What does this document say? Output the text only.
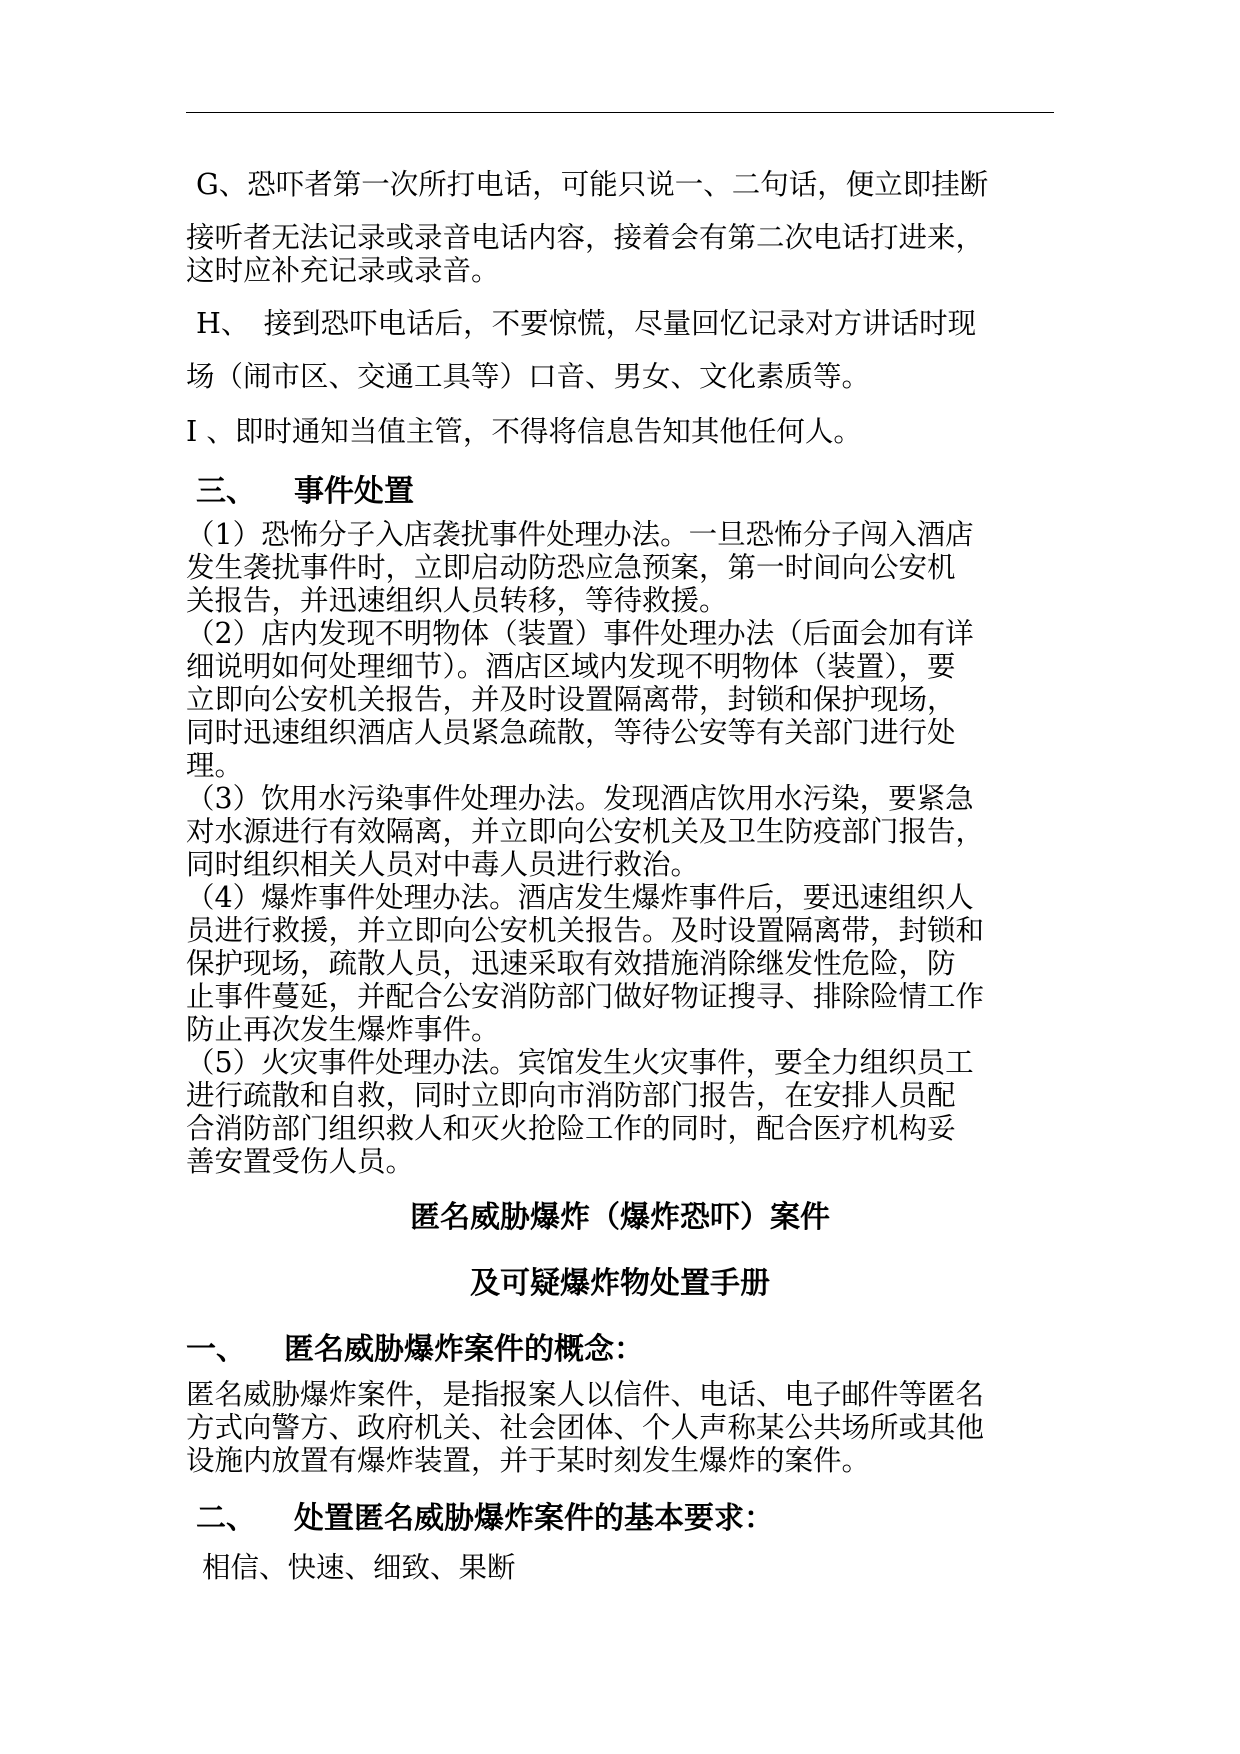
G、恐吓者第一次所打电话，可能只说一、二句话，便立即挂断

接听者无法记录或录音电话内容，接着会有第二次电话打进来，

这时应补充记录或录音。

H、　接到恐吓电话后，不要惊慌，尽量回忆记录对方讲话时现

场（闹市区、交通工具等）口音、男女、文化素质等。

I 、即时通知当值主管，不得将信息告知其他任何人。

三、 事件处置

（1）恐怖分子入店袭扰事件处理办法。一旦恐怖分子闯入酒店

发生袭扰事件时，立即启动防恐应急预案，第一时间向公安机

关报告，并迅速组织人员转移，等待救援。

（2）店内发现不明物体（装置）事件处理办法（后面会加有详

细说明如何处理细节）。酒店区域内发现不明物体（装置），要

立即向公安机关报告，并及时设置隔离带，封锁和保护现场，

同时迅速组织酒店人员紧急疏散，等待公安等有关部门进行处

理。

（3）饮用水污染事件处理办法。发现酒店饮用水污染，要紧急

对水源进行有效隔离，并立即向公安机关及卫生防疫部门报告，

同时组织相关人员对中毒人员进行救治。

（4）爆炸事件处理办法。酒店发生爆炸事件后，要迅速组织人

员进行救援，并立即向公安机关报告。及时设置隔离带，封锁和

保护现场，疏散人员，迅速采取有效措施消除继发性危险，防

止事件蔓延，并配合公安消防部门做好物证搜寻、排除险情工作

防止再次发生爆炸事件。

（5）火灾事件处理办法。宾馆发生火灾事件，要全力组织员工

进行疏散和自救，同时立即向市消防部门报告，在安排人员配

合消防部门组织救人和灭火抢险工作的同时，配合医疗机构妥

善安置受伤人员。

匿名威胁爆炸（爆炸恐吓）案件

及可疑爆炸物处置手册

一、 匿名威胁爆炸案件的概念：

匿名威胁爆炸案件，是指报案人以信件、电话、电子邮件等匿名

方式向警方、政府机关、社会团体、个人声称某公共场所或其他

设施内放置有爆炸装置，并于某时刻发生爆炸的案件。

二、 处置匿名威胁爆炸案件的基本要求：

相信、快速、细致、果断
